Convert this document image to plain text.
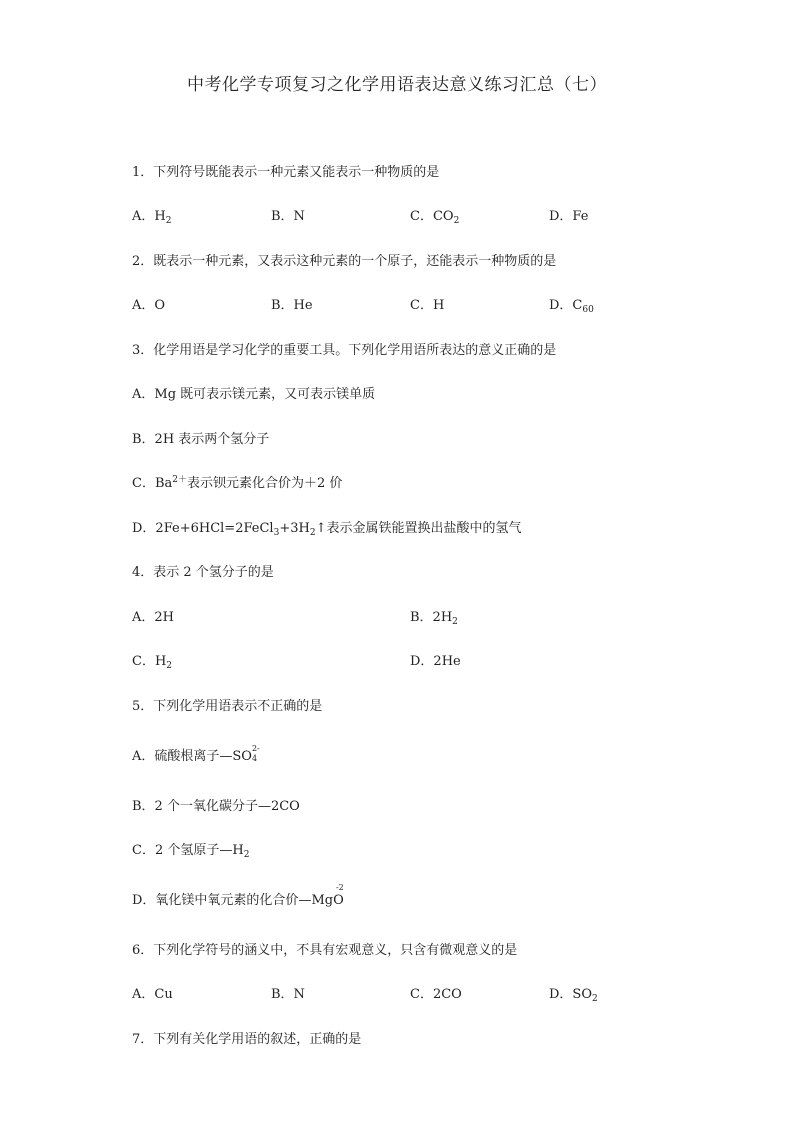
中考化学专项复习之化学用语表达意义练习汇总（七）
1．下列符号既能表示一种元素又能表示一种物质的是
A．$H_2$	B．N	C．$CO_2$	D．Fe
2．既表示一种元素，又表示这种元素的一个原子，还能表示一种物质的是
A．O	B．He	C．H	D．$C_{60}$
3．化学用语是学习化学的重要工具。下列化学用语所表达的意义正确的是
A．Mg 既可表示镁元素，又可表示镁单质
B．2H 表示两个氢分子
C．$Ba^{2+}$表示钡元素化合价为＋2 价
D．$2Fe+6HCl=2FeCl_3+3H_2↑$表示金属铁能置换出盐酸中的氢气
4．表示 2 个氢分子的是
A．2H	B．$2H_2$
C．$H_2$	D．2He
5．下列化学用语表示不正确的是
A．硫酸根离子—SO
2-
4
B．2 个一氧化碳分子—2CO
C．2 个氢原子$—H_2$
D．氧化镁中氧元素的化合价—MgO
-2
6．下列化学符号的涵义中，不具有宏观意义，只含有微观意义的是
A．Cu	B．N	C．2CO	D．$SO_2$
7．下列有关化学用语的叙述，正确的是
